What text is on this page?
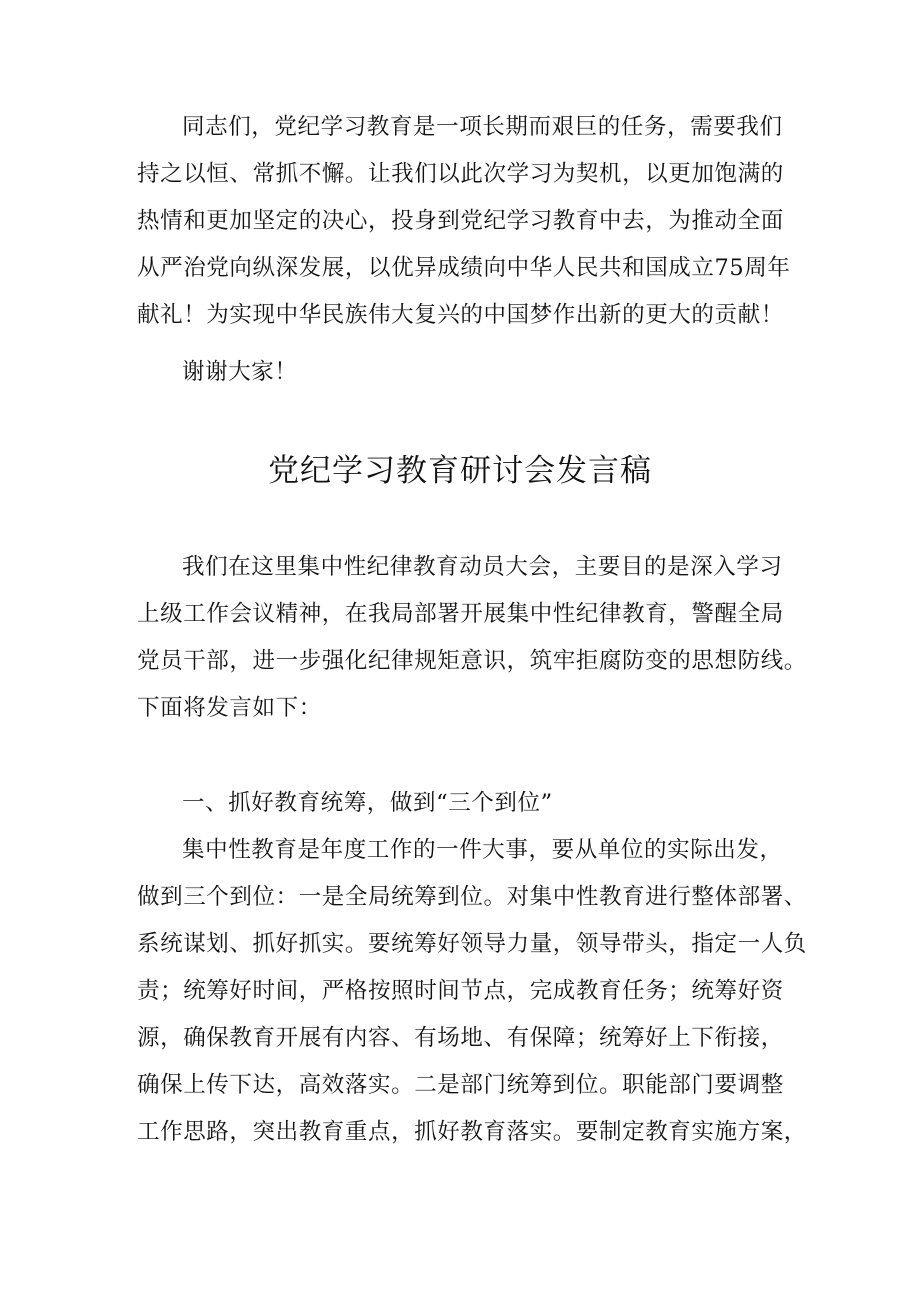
同志们，党纪学习教育是一项长期而艰巨的任务，需要我们
持之以恒、常抓不懈。让我们以此次学习为契机，以更加饱满的
热情和更加坚定的决心，投身到党纪学习教育中去，为推动全面
从严治党向纵深发展，以优异成绩向中华人民共和国成立75周年
献礼！为实现中华民族伟大复兴的中国梦作出新的更大的贡献！

谢谢大家！

党纪学习教育研讨会发言稿

我们在这里集中性纪律教育动员大会，主要目的是深入学习
上级工作会议精神，在我局部署开展集中性纪律教育，警醒全局
党员干部，进一步强化纪律规矩意识，筑牢拒腐防变的思想防线。
下面将发言如下：

一、抓好教育统筹，做到“三个到位”

集中性教育是年度工作的一件大事，要从单位的实际出发，
做到三个到位：一是全局统筹到位。对集中性教育进行整体部署、
系统谋划、抓好抓实。要统筹好领导力量，领导带头，指定一人负
责；统筹好时间，严格按照时间节点，完成教育任务；统筹好资
源，确保教育开展有内容、有场地、有保障；统筹好上下衔接，
确保上传下达，高效落实。二是部门统筹到位。职能部门要调整
工作思路，突出教育重点，抓好教育落实。要制定教育实施方案，
